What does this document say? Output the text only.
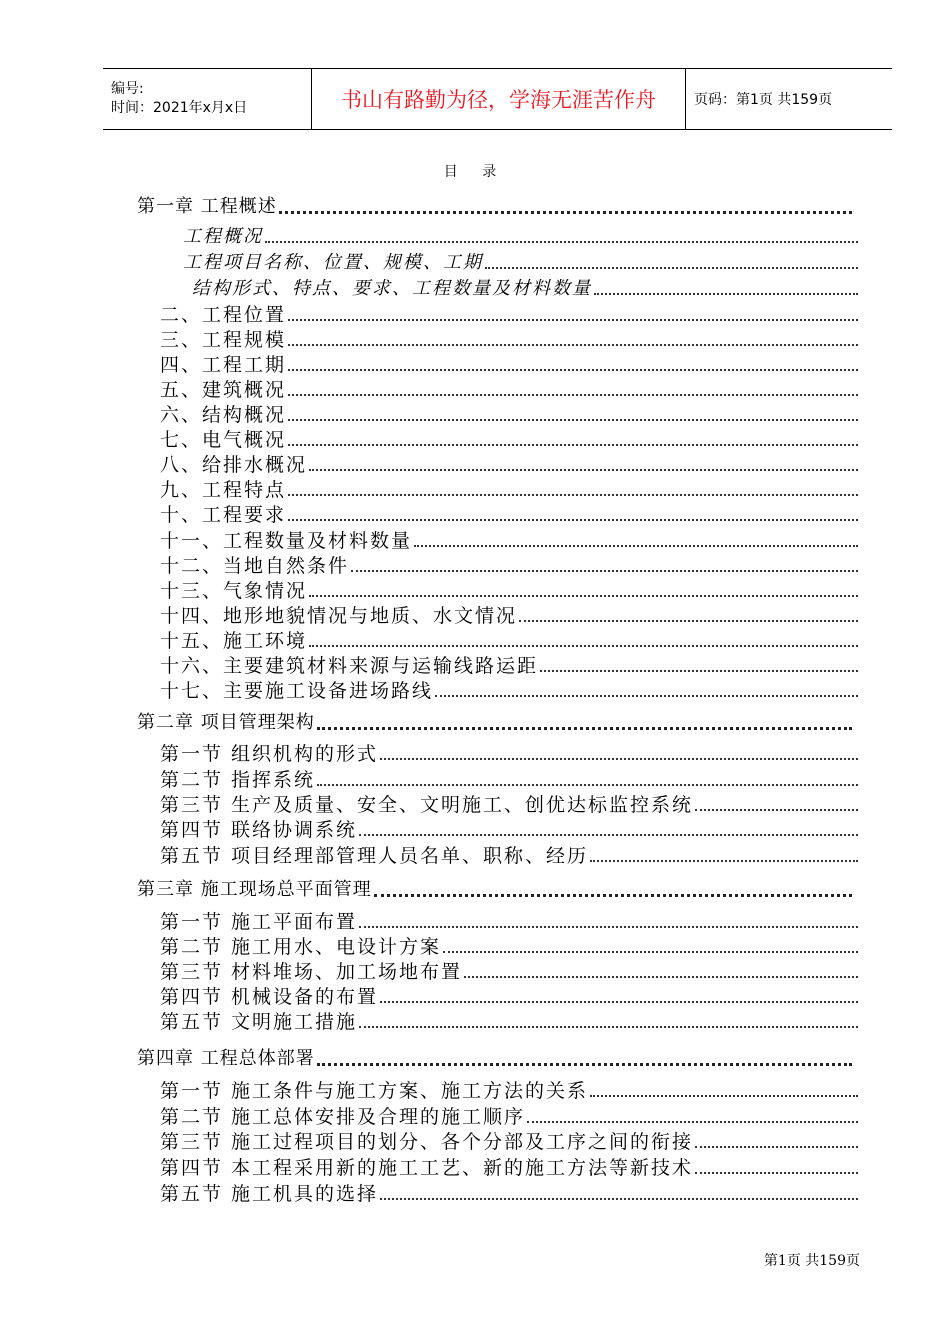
编号:
时间：2021年x月x日	书山有路勤为径，学海无涯苦作舟	页码：第1页 共159页
目 录
第一章 工程概述
工程概况
工程项目名称、位置、规模、工期
结构形式、特点、要求、工程数量及材料数量
二、工程位置
三、工程规模
四、工程工期
五、建筑概况
六、结构概况
七、电气概况
八、给排水概况
九、工程特点
十、工程要求
十一、工程数量及材料数量
十二、当地自然条件
十三、气象情况
十四、地形地貌情况与地质、水文情况
十五、施工环境
十六、主要建筑材料来源与运输线路运距
十七、主要施工设备进场路线
第二章 项目管理架构
第一节 组织机构的形式
第二节 指挥系统
第三节 生产及质量、安全、文明施工、创优达标监控系统
第四节 联络协调系统
第五节 项目经理部管理人员名单、职称、经历
第三章 施工现场总平面管理
第一节 施工平面布置
第二节 施工用水、电设计方案
第三节 材料堆场、加工场地布置
第四节 机械设备的布置
第五节 文明施工措施
第四章 工程总体部署
第一节 施工条件与施工方案、施工方法的关系
第二节 施工总体安排及合理的施工顺序
第三节 施工过程项目的划分、各个分部及工序之间的衔接
第四节 本工程采用新的施工工艺、新的施工方法等新技术
第五节 施工机具的选择
第1页 共159页
